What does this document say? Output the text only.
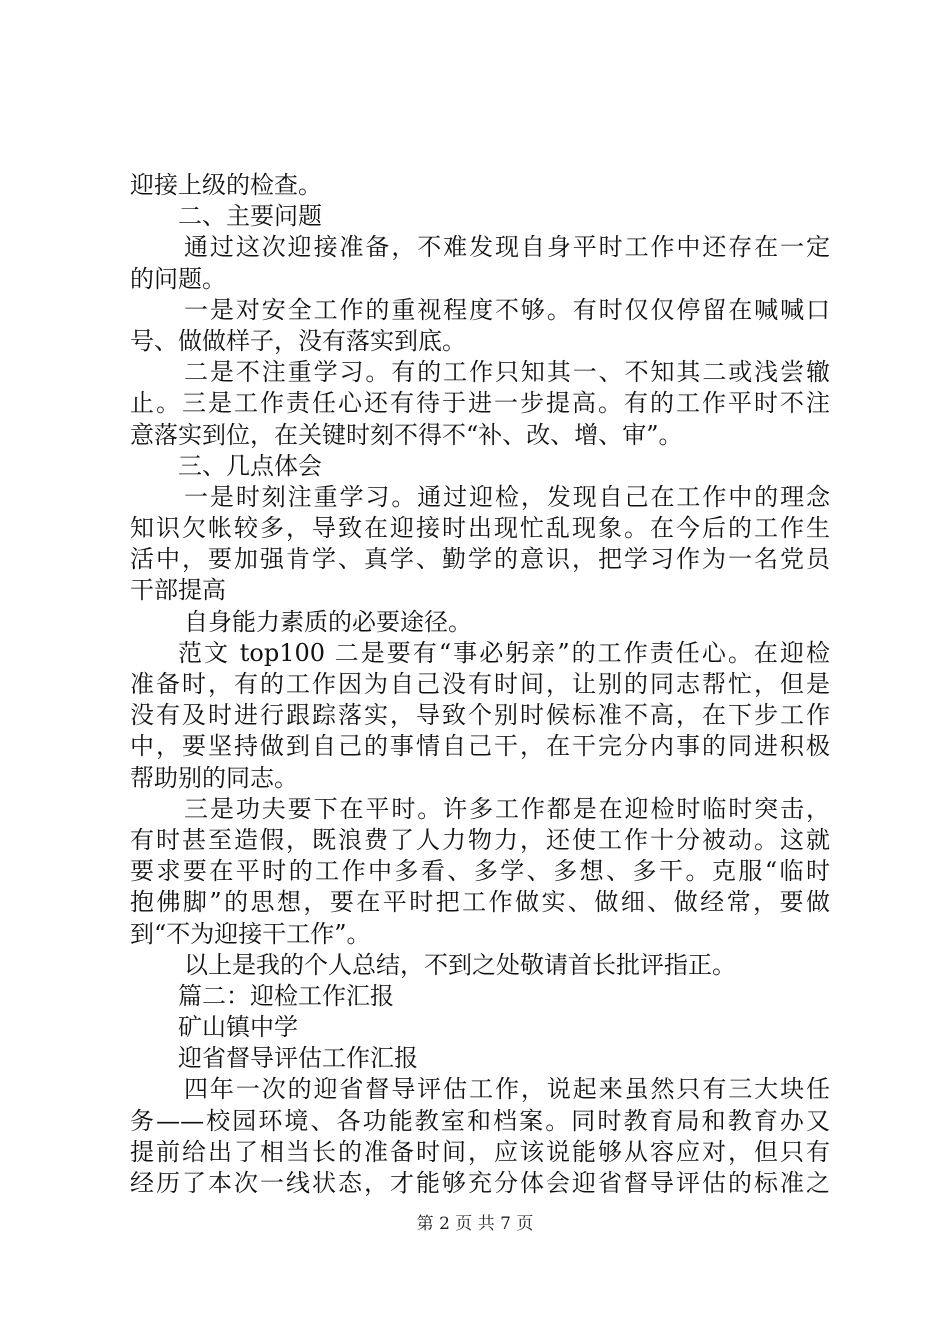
迎接上级的检查。
二、主要问题
通过这次迎接准备，不难发现自身平时工作中还存在一定
的问题。
一是对安全工作的重视程度不够。有时仅仅停留在喊喊口
号、做做样子，没有落实到底。
二是不注重学习。有的工作只知其一、不知其二或浅尝辙
止。三是工作责任心还有待于进一步提高。有的工作平时不注
意落实到位，在关键时刻不得不“补、改、增、审”。
三、几点体会
一是时刻注重学习。通过迎检，发现自己在工作中的理念
知识欠帐较多，导致在迎接时出现忙乱现象。在今后的工作生
活中，要加强肯学、真学、勤学的意识，把学习作为一名党员
干部提高
自身能力素质的必要途径。
范文 top100 二是要有“事必躬亲”的工作责任心。在迎检
准备时，有的工作因为自己没有时间，让别的同志帮忙，但是
没有及时进行跟踪落实，导致个别时候标准不高，在下步工作
中，要坚持做到自己的事情自己干，在干完分内事的同进积极
帮助别的同志。
三是功夫要下在平时。许多工作都是在迎检时临时突击，
有时甚至造假，既浪费了人力物力，还使工作十分被动。这就
要求要在平时的工作中多看、多学、多想、多干。克服“临时
抱佛脚”的思想，要在平时把工作做实、做细、做经常，要做
到“不为迎接干工作”。
以上是我的个人总结，不到之处敬请首长批评指正。
篇二：迎检工作汇报
矿山镇中学
迎省督导评估工作汇报
四年一次的迎省督导评估工作，说起来虽然只有三大块任
务——校园环境、各功能教室和档案。同时教育局和教育办又
提前给出了相当长的准备时间，应该说能够从容应对，但只有
经历了本次一线状态，才能够充分体会迎省督导评估的标准之
第 2 页 共 7 页
